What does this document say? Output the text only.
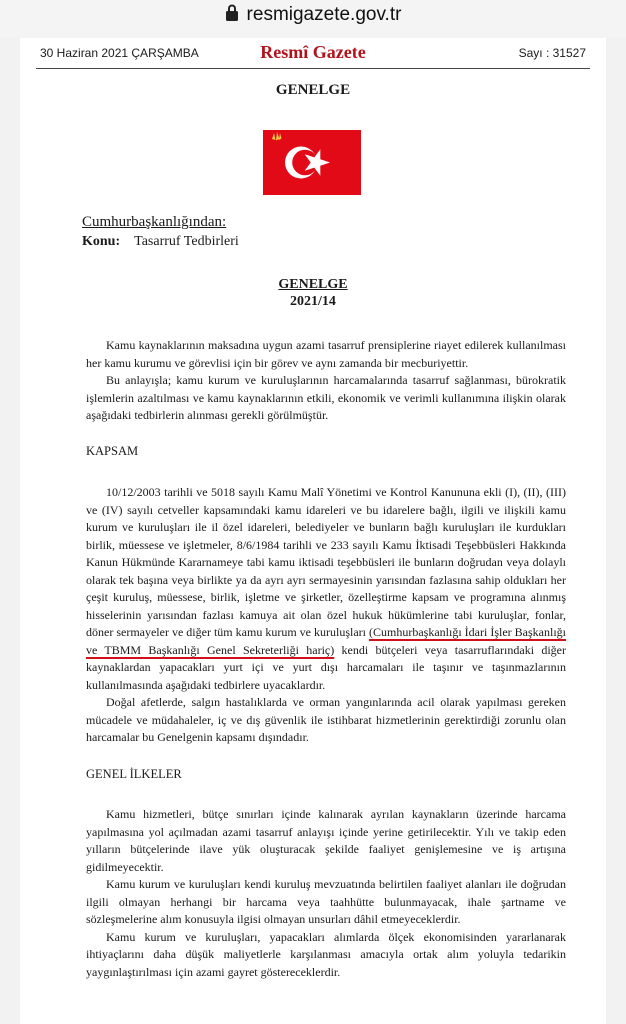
resmigazete.gov.tr
30 Haziran 2021 ÇARŞAMBA	Resmî Gazete	Sayı : 31527
GENELGE
Cumhurbaşkanlığından:
Konu: Tasarruf Tedbirleri
GENELGE
2021/14

Kamu kaynaklarının maksadına uygun azami tasarruf prensiplerine riayet edilerek kullanılması her kamu kurumu ve görevlisi için bir görev ve aynı zamanda bir mecburiyettir.

Bu anlayışla; kamu kurum ve kuruluşlarının harcamalarında tasarruf sağlanması, bürokratik işlemlerin azaltılması ve kamu kaynaklarının etkili, ekonomik ve verimli kullanımına ilişkin olarak aşağıdaki tedbirlerin alınması gerekli görülmüştür.

KAPSAM

10/12/2003 tarihli ve 5018 sayılı Kamu Malî Yönetimi ve Kontrol Kanununa ekli (I), (II), (III) ve (IV) sayılı cetveller kapsamındaki kamu idareleri ve bu idarelere bağlı, ilgili ve ilişkili kamu kurum ve kuruluşları ile il özel idareleri, belediyeler ve bunların bağlı kuruluşları ile kurdukları birlik, müessese ve işletmeler, 8/6/1984 tarihli ve 233 sayılı Kamu İktisadi Teşebbüsleri Hakkında Kanun Hükmünde Kararnameye tabi kamu iktisadi teşebbüsleri ile bunların doğrudan veya dolaylı olarak tek başına veya birlikte ya da ayrı ayrı sermayesinin yarısından fazlasına sahip oldukları her çeşit kuruluş, müessese, birlik, işletme ve şirketler, özelleştirme kapsam ve programına alınmış hisselerinin yarısından fazlası kamuya ait olan özel hukuk hükümlerine tabi kuruluşlar, fonlar, döner sermayeler ve diğer tüm kamu kurum ve kuruluşları (Cumhurbaşkanlığı İdari İşler Başkanlığı ve TBMM Başkanlığı Genel Sekreterliği hariç) kendi bütçeleri veya tasarruflarındaki diğer kaynaklardan yapacakları yurt içi ve yurt dışı harcamaları ile taşınır ve taşınmazlarının kullanılmasında aşağıdaki tedbirlere uyacaklardır.

Doğal afetlerde, salgın hastalıklarda ve orman yangınlarında acil olarak yapılması gereken mücadele ve müdahaleler, iç ve dış güvenlik ile istihbarat hizmetlerinin gerektirdiği zorunlu olan harcamalar bu Genelgenin kapsamı dışındadır.

GENEL İLKELER

Kamu hizmetleri, bütçe sınırları içinde kalınarak ayrılan kaynakların üzerinde harcama yapılmasına yol açılmadan azami tasarruf anlayışı içinde yerine getirilecektir. Yılı ve takip eden yılların bütçelerinde ilave yük oluşturacak şekilde faaliyet genişlemesine ve iş artışına gidilmeyecektir.

Kamu kurum ve kuruluşları kendi kuruluş mevzuatında belirtilen faaliyet alanları ile doğrudan ilgili olmayan herhangi bir harcama veya taahhütte bulunmayacak, ihale şartname ve sözleşmelerine alım konusuyla ilgisi olmayan unsurları dâhil etmeyeceklerdir.

Kamu kurum ve kuruluşları, yapacakları alımlarda ölçek ekonomisinden yararlanarak ihtiyaçlarını daha düşük maliyetlerle karşılanması amacıyla ortak alım yoluyla tedarikin yaygınlaştırılması için azami gayret göstereceklerdir.
